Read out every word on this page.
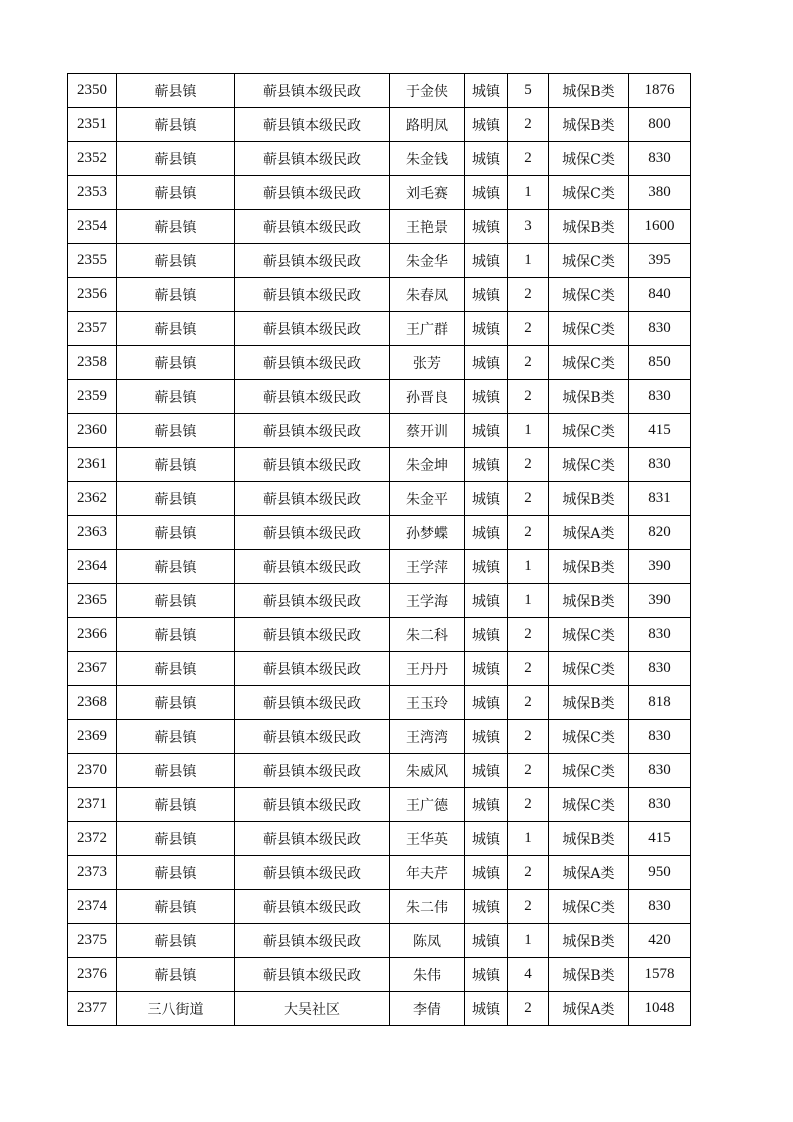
2350	蕲县镇	蕲县镇本级民政	于金侠	城镇	5	城保B类	1876
2351	蕲县镇	蕲县镇本级民政	路明凤	城镇	2	城保B类	800
2352	蕲县镇	蕲县镇本级民政	朱金钱	城镇	2	城保C类	830
2353	蕲县镇	蕲县镇本级民政	刘毛赛	城镇	1	城保C类	380
2354	蕲县镇	蕲县镇本级民政	王艳景	城镇	3	城保B类	1600
2355	蕲县镇	蕲县镇本级民政	朱金华	城镇	1	城保C类	395
2356	蕲县镇	蕲县镇本级民政	朱春凤	城镇	2	城保C类	840
2357	蕲县镇	蕲县镇本级民政	王广群	城镇	2	城保C类	830
2358	蕲县镇	蕲县镇本级民政	张芳	城镇	2	城保C类	850
2359	蕲县镇	蕲县镇本级民政	孙晋良	城镇	2	城保B类	830
2360	蕲县镇	蕲县镇本级民政	蔡开训	城镇	1	城保C类	415
2361	蕲县镇	蕲县镇本级民政	朱金坤	城镇	2	城保C类	830
2362	蕲县镇	蕲县镇本级民政	朱金平	城镇	2	城保B类	831
2363	蕲县镇	蕲县镇本级民政	孙梦蝶	城镇	2	城保A类	820
2364	蕲县镇	蕲县镇本级民政	王学萍	城镇	1	城保B类	390
2365	蕲县镇	蕲县镇本级民政	王学海	城镇	1	城保B类	390
2366	蕲县镇	蕲县镇本级民政	朱二科	城镇	2	城保C类	830
2367	蕲县镇	蕲县镇本级民政	王丹丹	城镇	2	城保C类	830
2368	蕲县镇	蕲县镇本级民政	王玉玲	城镇	2	城保B类	818
2369	蕲县镇	蕲县镇本级民政	王湾湾	城镇	2	城保C类	830
2370	蕲县镇	蕲县镇本级民政	朱威风	城镇	2	城保C类	830
2371	蕲县镇	蕲县镇本级民政	王广德	城镇	2	城保C类	830
2372	蕲县镇	蕲县镇本级民政	王华英	城镇	1	城保B类	415
2373	蕲县镇	蕲县镇本级民政	年夫芹	城镇	2	城保A类	950
2374	蕲县镇	蕲县镇本级民政	朱二伟	城镇	2	城保C类	830
2375	蕲县镇	蕲县镇本级民政	陈凤	城镇	1	城保B类	420
2376	蕲县镇	蕲县镇本级民政	朱伟	城镇	4	城保B类	1578
2377	三八街道	大吴社区	李倩	城镇	2	城保A类	1048
